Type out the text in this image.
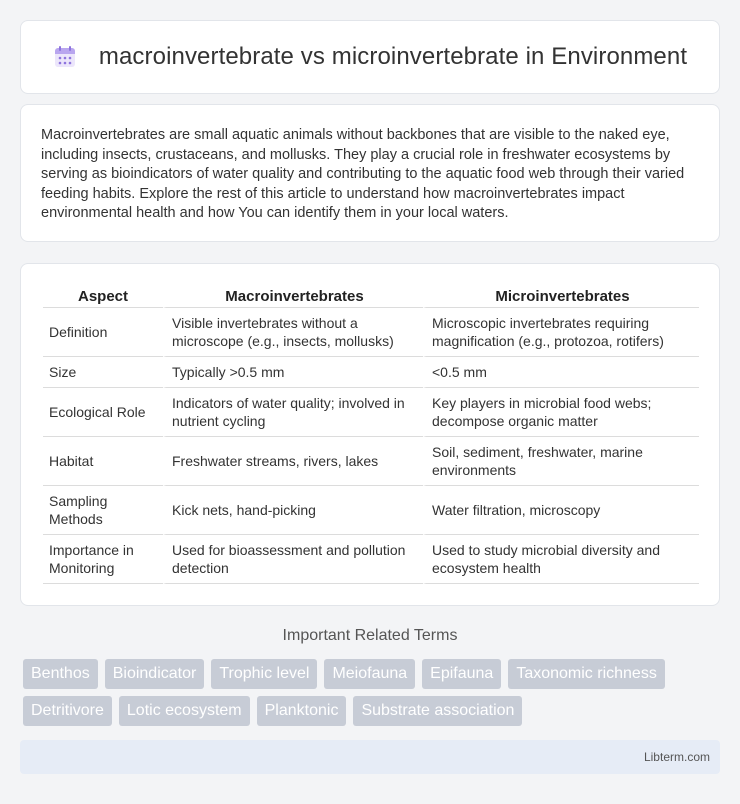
macroinvertebrate vs microinvertebrate in Environment

Macroinvertebrates are small aquatic animals without backbones that are visible to the naked eye, including insects, crustaceans, and mollusks. They play a crucial role in freshwater ecosystems by serving as bioindicators of water quality and contributing to the aquatic food web through their varied feeding habits. Explore the rest of this article to understand how macroinvertebrates impact environmental health and how You can identify them in your local waters.

Aspect	Macroinvertebrates	Microinvertebrates
Definition	Visible invertebrates without a microscope (e.g., insects, mollusks)	Microscopic invertebrates requiring magnification (e.g., protozoa, rotifers)
Size	Typically >0.5 mm	<0.5 mm
Ecological Role	Indicators of water quality; involved in nutrient cycling	Key players in microbial food webs; decompose organic matter
Habitat	Freshwater streams, rivers, lakes	Soil, sediment, freshwater, marine environments
Sampling Methods	Kick nets, hand-picking	Water filtration, microscopy
Importance in Monitoring	Used for bioassessment and pollution detection	Used to study microbial diversity and ecosystem health
Important Related Terms
Benthos	Bioindicator	Trophic level	Meiofauna	Epifauna	Taxonomic richness
Detritivore	Lotic ecosystem	Planktonic	Substrate association
Libterm.com
